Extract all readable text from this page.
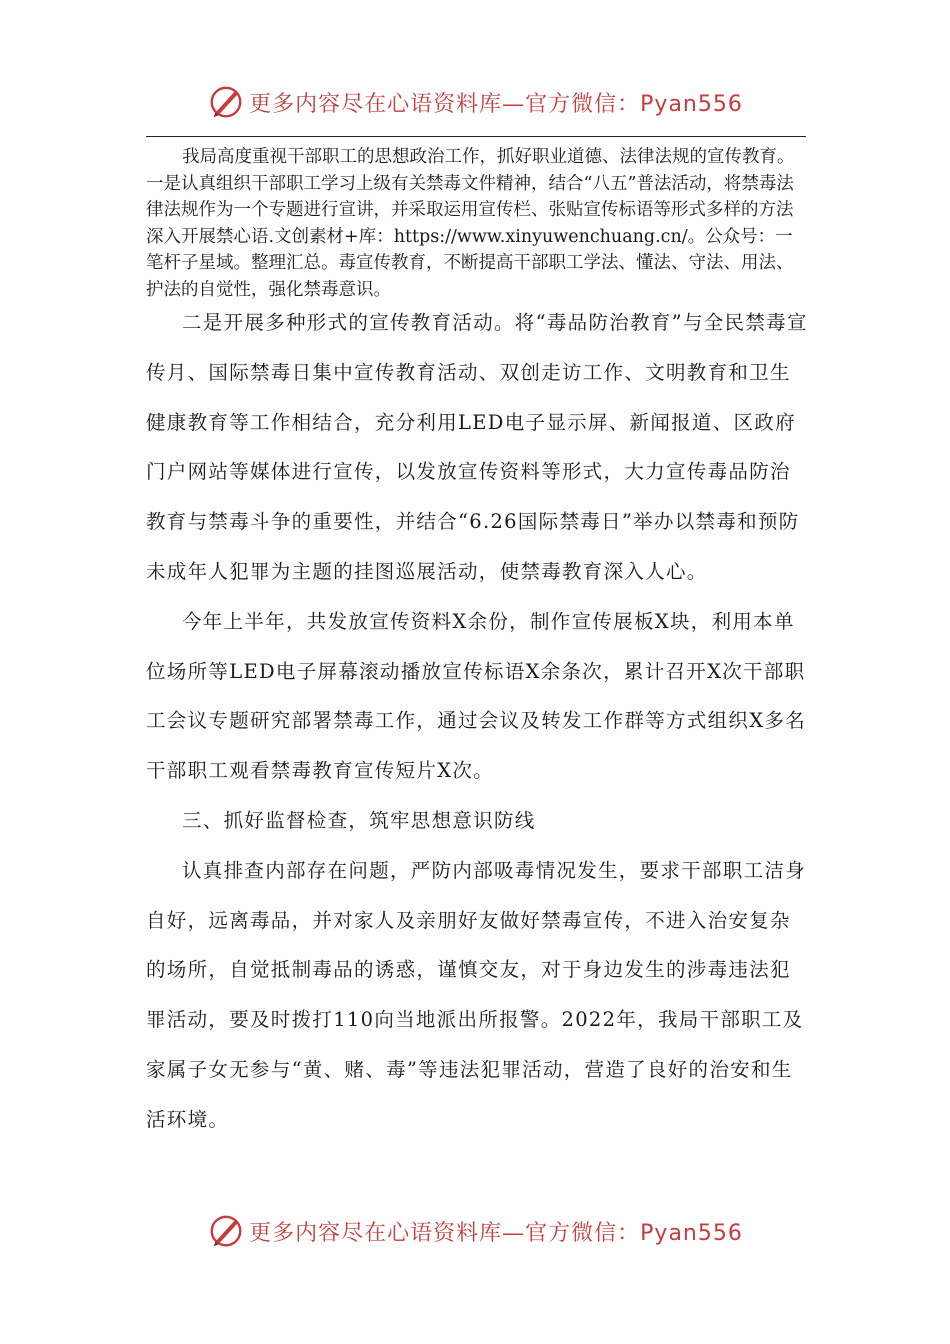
更多内容尽在心语资料库—官方微信：Pyan556
我局高度重视干部职工的思想政治工作，抓好职业道德、法律法规的宣传教育。一是认真组织干部职工学习上级有关禁毒文件精神，结合“八五”普法活动，将禁毒法律法规作为一个专题进行宣讲，并采取运用宣传栏、张贴宣传标语等形式多样的方法深入开展禁心语.文创素材+库：https://www.xinyuwenchuang.cn/。公众号：一笔杆子星域。整理汇总。毒宣传教育，不断提高干部职工学法、懂法、守法、用法、护法的自觉性，强化禁毒意识。

二是开展多种形式的宣传教育活动。将“毒品防治教育”与全民禁毒宣传月、国际禁毒日集中宣传教育活动、双创走访工作、文明教育和卫生健康教育等工作相结合，充分利用LED电子显示屏、新闻报道、区政府门户网站等媒体进行宣传，以发放宣传资料等形式，大力宣传毒品防治教育与禁毒斗争的重要性，并结合“6.26国际禁毒日”举办以禁毒和预防未成年人犯罪为主题的挂图巡展活动，使禁毒教育深入人心。

今年上半年，共发放宣传资料X余份，制作宣传展板X块，利用本单位场所等LED电子屏幕滚动播放宣传标语X余条次，累计召开X次干部职工会议专题研究部署禁毒工作，通过会议及转发工作群等方式组织X多名干部职工观看禁毒教育宣传短片X次。

三、抓好监督检查，筑牢思想意识防线

认真排查内部存在问题，严防内部吸毒情况发生，要求干部职工洁身自好，远离毒品，并对家人及亲朋好友做好禁毒宣传，不进入治安复杂的场所，自觉抵制毒品的诱惑，谨慎交友，对于身边发生的涉毒违法犯罪活动，要及时拨打110向当地派出所报警。2022年，我局干部职工及家属子女无参与“黄、赌、毒”等违法犯罪活动，营造了良好的治安和生活环境。

更多内容尽在心语资料库—官方微信：Pyan556
